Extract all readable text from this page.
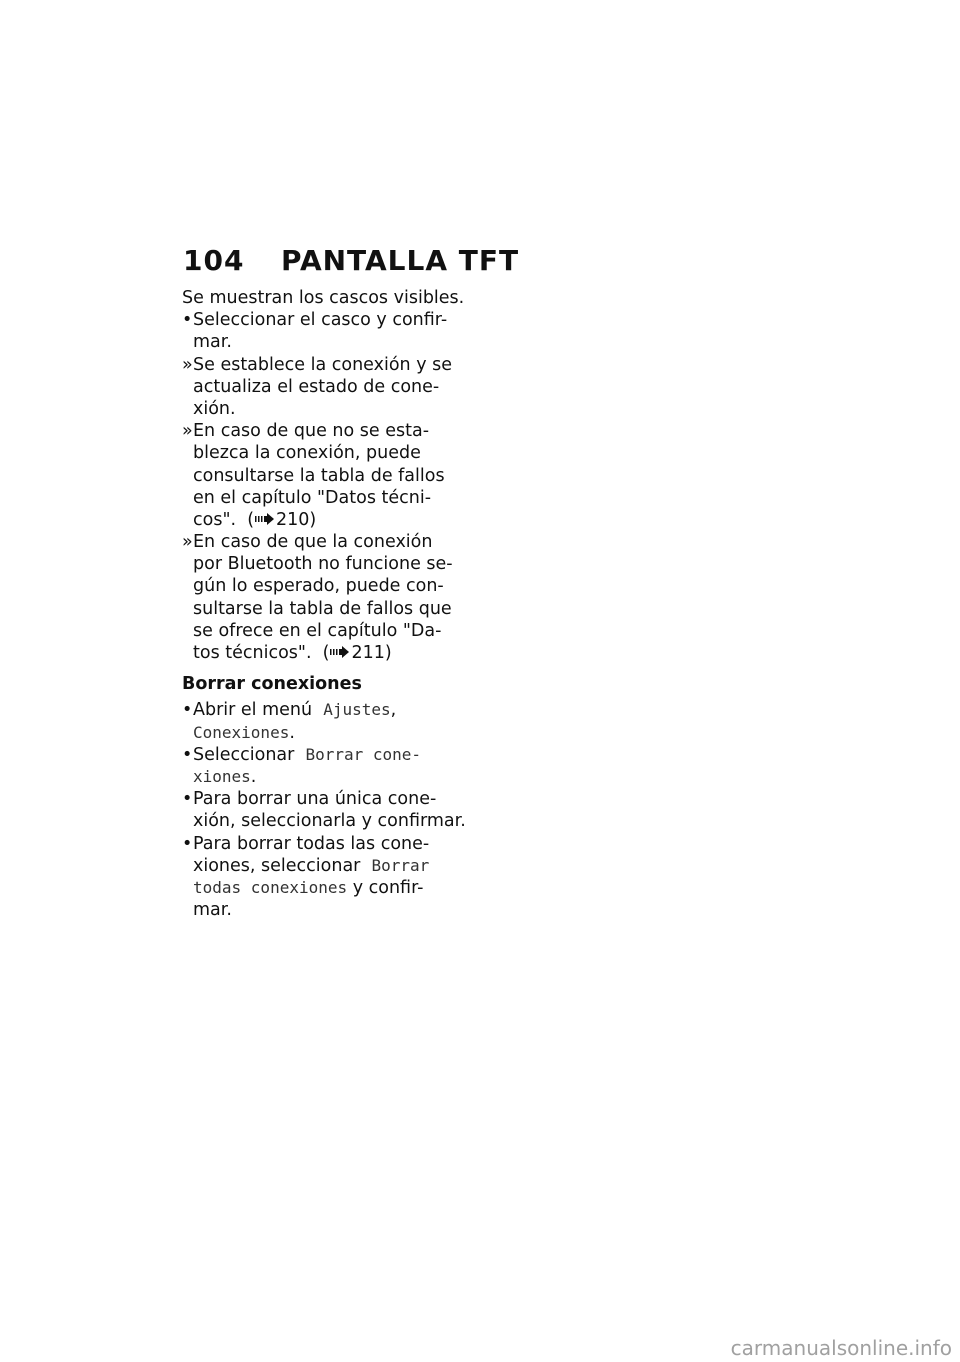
104	PANTALLA TFT
Se muestran los cascos visibles.
•Seleccionar el casco y confir-
mar.
»Se establece la conexión y se
actualiza el estado de cone-
xión.
»En caso de que no se esta-
blezca la conexión, puede
consultarse la tabla de fallos
en el capítulo "Datos técni-
cos". ( 210)
»En caso de que la conexión
por Bluetooth no funcione se-
gún lo esperado, puede con-
sultarse la tabla de fallos que
se ofrece en el capítulo "Da-
tos técnicos". ( 211)
Borrar conexiones
•Abrir el menú Ajustes,
Conexiones.
•Seleccionar Borrar cone-
xiones.
•Para borrar una única cone-
xión, seleccionarla y confirmar.
•Para borrar todas las cone-
xiones, seleccionar Borrar
todas conexiones y confir-
mar.
carmanualsonline.info
